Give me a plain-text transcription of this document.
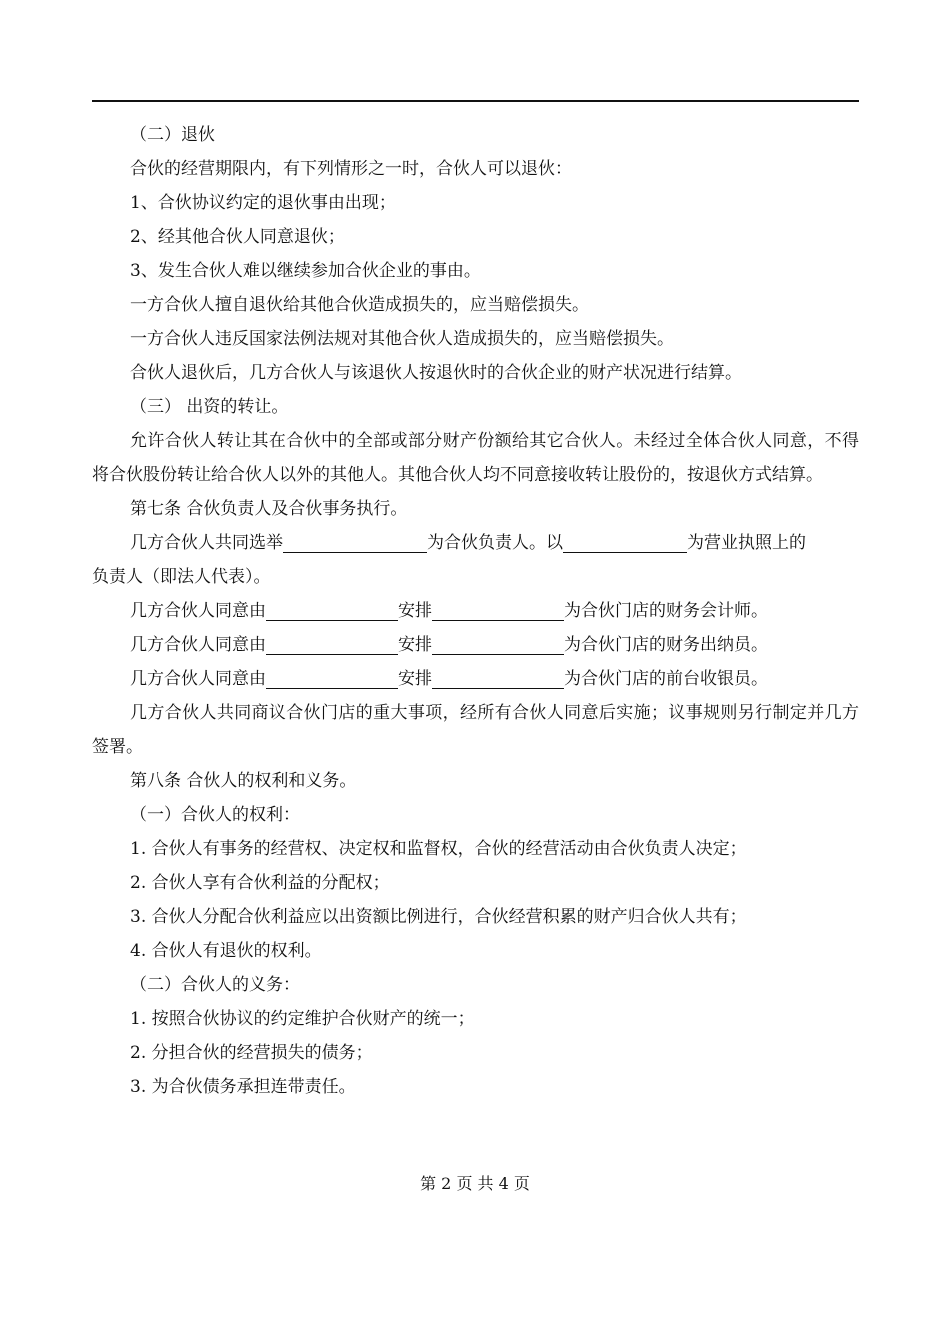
（二）退伙
合伙的经营期限内，有下列情形之一时，合伙人可以退伙：
1、合伙协议约定的退伙事由出现；
2、经其他合伙人同意退伙；
3、发生合伙人难以继续参加合伙企业的事由。
一方合伙人擅自退伙给其他合伙造成损失的，应当赔偿损失。
一方合伙人违反国家法例法规对其他合伙人造成损失的，应当赔偿损失。
合伙人退伙后，几方合伙人与该退伙人按退伙时的合伙企业的财产状况进行结算。
（三） 出资的转让。
允许合伙人转让其在合伙中的全部或部分财产份额给其它合伙人。未经过全体合伙人同意，不得将合伙股份转让给合伙人以外的其他人。其他合伙人均不同意接收转让股份的，按退伙方式结算。
第七条 合伙负责人及合伙事务执行。
几方合伙人共同选举	为合伙负责人。以	为营业执照上的
负责人（即法人代表）。
几方合伙人同意由	安排	为合伙门店的财务会计师。
几方合伙人同意由	安排	为合伙门店的财务出纳员。
几方合伙人同意由	安排	为合伙门店的前台收银员。
几方合伙人共同商议合伙门店的重大事项，经所有合伙人同意后实施；议事规则另行制定并几方签署。
第八条 合伙人的权利和义务。
（一）合伙人的权利：
1. 合伙人有事务的经营权、决定权和监督权，合伙的经营活动由合伙负责人决定；
2. 合伙人享有合伙利益的分配权；
3. 合伙人分配合伙利益应以出资额比例进行，合伙经营积累的财产归合伙人共有；
4. 合伙人有退伙的权利。
（二）合伙人的义务：
1. 按照合伙协议的约定维护合伙财产的统一；
2. 分担合伙的经营损失的债务；
3. 为合伙债务承担连带责任。
第 2 页 共 4 页
